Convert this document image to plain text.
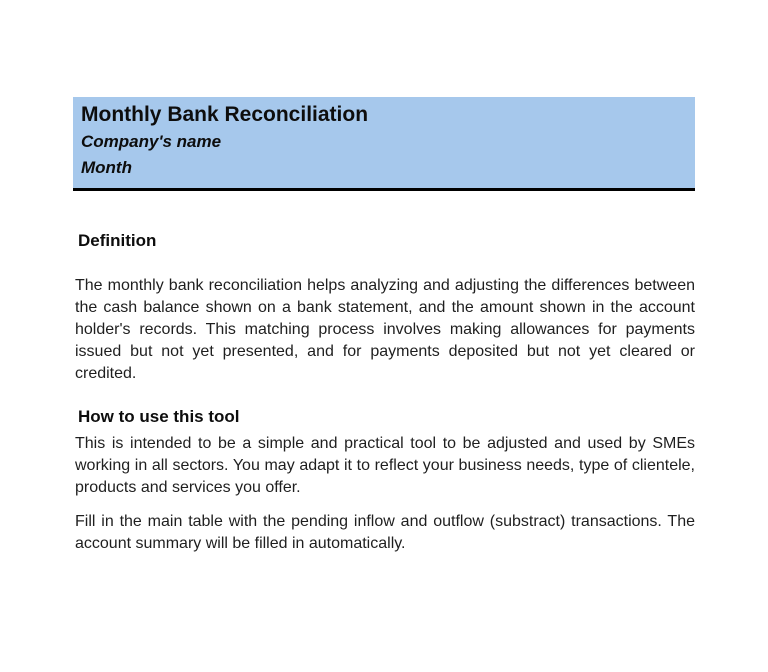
Monthly Bank Reconciliation
Company's name
Month
Definition

The monthly bank reconciliation helps analyzing and adjusting the differences between the cash balance shown on a bank statement, and the amount shown in the account holder's records. This matching process involves making allowances for payments issued but not yet presented, and for payments deposited but not yet cleared or credited.

How to use this tool

This is intended to be a simple and practical tool to be adjusted and used by SMEs working in all sectors. You may adapt it to reflect your business needs, type of clientele, products and services you offer.

Fill in the main table with the pending inflow and outflow (substract) transactions. The account summary will be filled in automatically.
